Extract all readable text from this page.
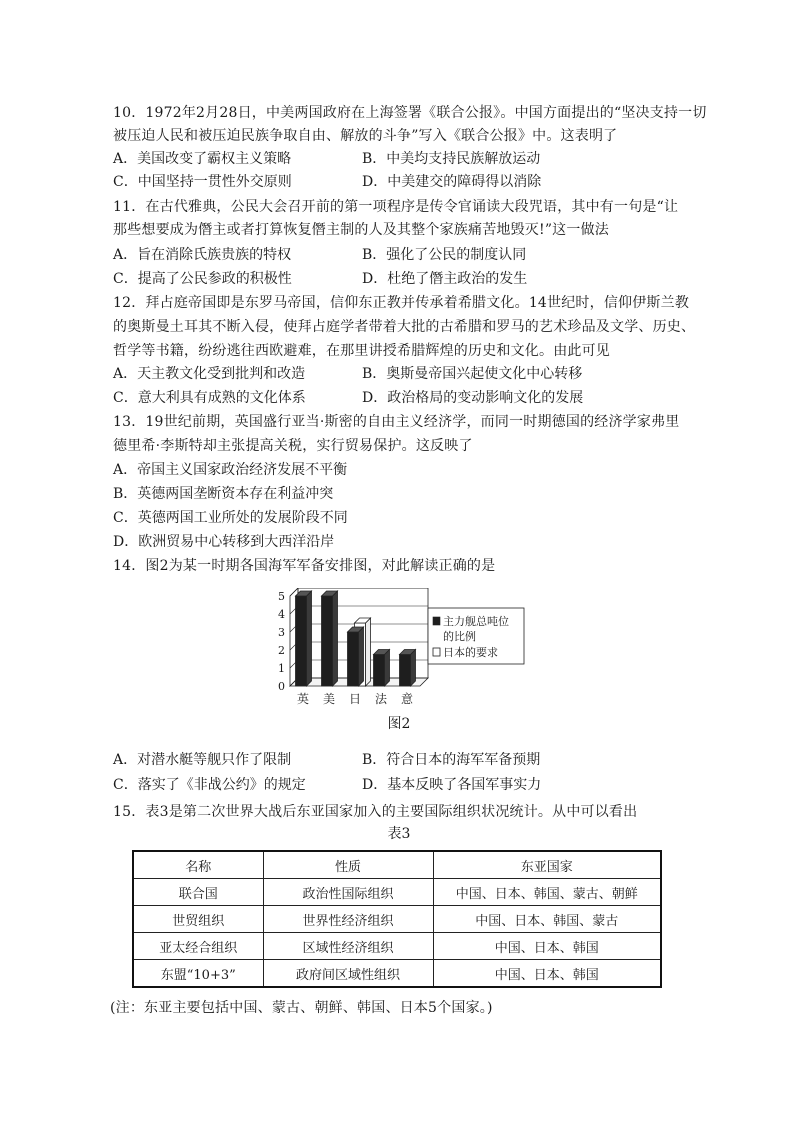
10．1972年2月28日，中美两国政府在上海签署《联合公报》。中国方面提出的“坚决支持一切
被压迫人民和被压迫民族争取自由、解放的斗争”写入《联合公报》中。这表明了
A．美国改变了霸权主义策略	B．中美均支持民族解放运动
C．中国坚持一贯性外交原则	D．中美建交的障碍得以消除
11．在古代雅典，公民大会召开前的第一项程序是传令官诵读大段咒语，其中有一句是“让
那些想要成为僭主或者打算恢复僭主制的人及其整个家族痛苦地毁灭!”这一做法
A．旨在消除氏族贵族的特权	B．强化了公民的制度认同
C．提高了公民参政的积极性	D．杜绝了僭主政治的发生
12．拜占庭帝国即是东罗马帝国，信仰东正教并传承着希腊文化。14世纪时，信仰伊斯兰教
的奥斯曼土耳其不断入侵，使拜占庭学者带着大批的古希腊和罗马的艺术珍品及文学、历史、
哲学等书籍，纷纷逃往西欧避难，在那里讲授希腊辉煌的历史和文化。由此可见
A．天主教文化受到批判和改造	B．奥斯曼帝国兴起使文化中心转移
C．意大利具有成熟的文化体系	D．政治格局的变动影响文化的发展
13．19世纪前期，英国盛行亚当·斯密的自由主义经济学，而同一时期德国的经济学家弗里
德里希·李斯特却主张提高关税，实行贸易保护。这反映了
A．帝国主义国家政治经济发展不平衡
B．英德两国垄断资本存在利益冲突
C．英德两国工业所处的发展阶段不同
D．欧洲贸易中心转移到大西洋沿岸
14．图2为某一时期各国海军军备安排图，对此解读正确的是
0
1
2
3
4
5
英 美 日 法 意
主力舰总吨位
的比例
日本的要求
图2
A．对潜水艇等舰只作了限制	B．符合日本的海军军备预期
C．落实了《非战公约》的规定	D．基本反映了各国军事实力
15．表3是第二次世界大战后东亚国家加入的主要国际组织状况统计。从中可以看出
表3
名称	性质	东亚国家
联合国	政治性国际组织	中国、日本、韩国、蒙古、朝鲜
世贸组织	世界性经济组织	中国、日本、韩国、蒙古
亚太经合组织	区域性经济组织	中国、日本、韩国
东盟“10+3”	政府间区域性组织	中国、日本、韩国
(注：东亚主要包括中国、蒙古、朝鲜、韩国、日本5个国家。)
